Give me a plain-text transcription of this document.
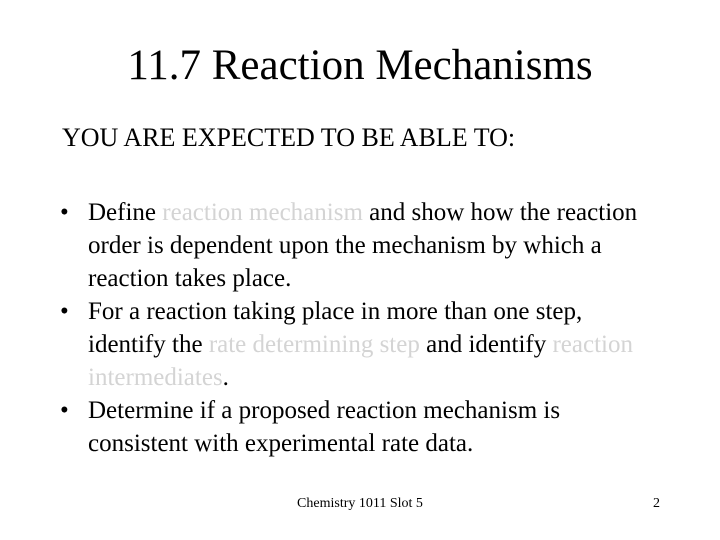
11.7 Reaction Mechanisms
YOU ARE EXPECTED TO BE ABLE TO:
• Define reaction mechanism and show how the reaction order is dependent upon the mechanism by which a reaction takes place.
• For a reaction taking place in more than one step, identify the rate determining step and identify reaction intermediates.
• Determine if a proposed reaction mechanism is consistent with experimental rate data.
Chemistry 1011 Slot 5	2
